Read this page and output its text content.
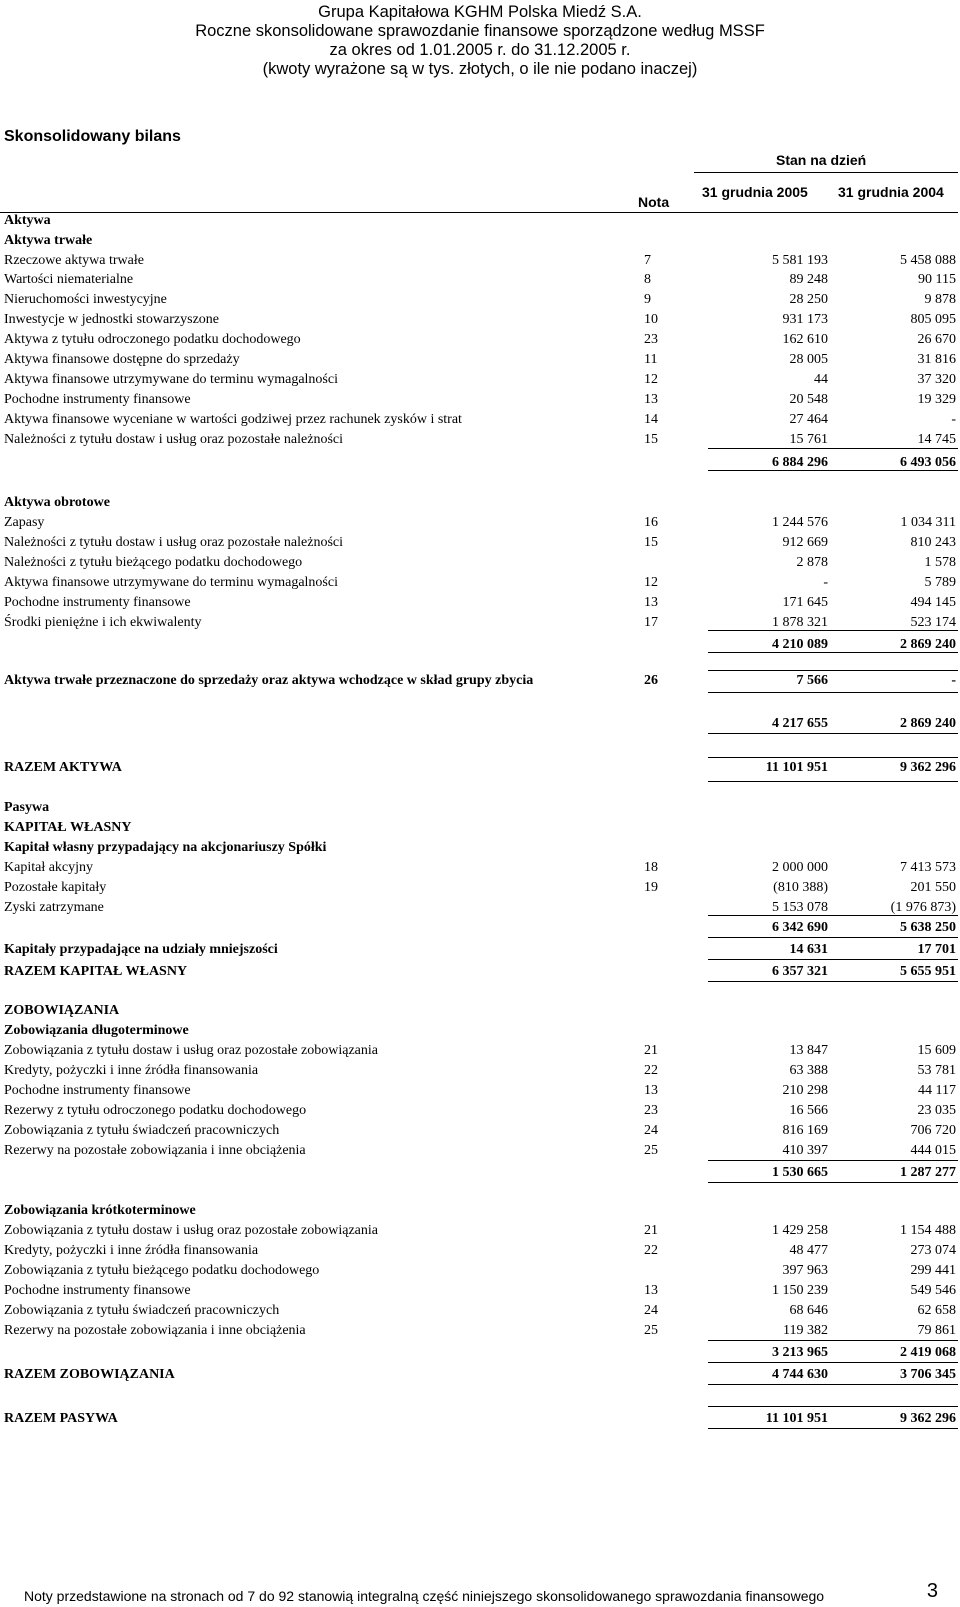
Grupa Kapitałowa KGHM Polska Miedź S.A.
Roczne skonsolidowane sprawozdanie finansowe sporządzone według MSSF
za okres od 1.01.2005 r. do 31.12.2005 r.
(kwoty wyrażone są w tys. złotych, o ile nie podano inaczej)
Skonsolidowany bilans
Stan na dzień
Nota
31 grudnia 2005 31 grudnia 2004
Aktywa
Aktywa trwałe
Rzeczowe aktywa trwałe	7	5 581 193	5 458 088
Wartości niematerialne	8	89 248	90 115
Nieruchomości inwestycyjne	9	28 250	9 878
Inwestycje w jednostki stowarzyszone	10	931 173	805 095
Aktywa z tytułu odroczonego podatku dochodowego	23	162 610	26 670
Aktywa finansowe dostępne do sprzedaży	11	28 005	31 816
Aktywa finansowe utrzymywane do terminu wymagalności	12	44	37 320
Pochodne instrumenty finansowe	13	20 548	19 329
Aktywa finansowe wyceniane w wartości godziwej przez rachunek zysków i strat	14	27 464	-
Należności z tytułu dostaw i usług oraz pozostałe należności	15	15 761	14 745
6 884 296	6 493 056
Aktywa obrotowe
Zapasy	16	1 244 576	1 034 311
Należności z tytułu dostaw i usług oraz pozostałe należności	15	912 669	810 243
Należności z tytułu bieżącego podatku dochodowego	2 878	1 578
Aktywa finansowe utrzymywane do terminu wymagalności	12	-	5 789
Pochodne instrumenty finansowe	13	171 645	494 145
Środki pieniężne i ich ekwiwalenty	17	1 878 321	523 174
4 210 089	2 869 240
Aktywa trwałe przeznaczone do sprzedaży oraz aktywa wchodzące w skład grupy zbycia	26	7 566	-
4 217 655	2 869 240
RAZEM AKTYWA	11 101 951	9 362 296
Pasywa
KAPITAŁ WŁASNY
Kapitał własny przypadający na akcjonariuszy Spółki
Kapitał akcyjny	18	2 000 000	7 413 573
Pozostałe kapitały	19	(810 388)	201 550
Zyski zatrzymane	5 153 078	(1 976 873)
6 342 690	5 638 250
Kapitały przypadające na udziały mniejszości	14 631	17 701
RAZEM KAPITAŁ WŁASNY	6 357 321	5 655 951
ZOBOWIĄZANIA
Zobowiązania długoterminowe
Zobowiązania z tytułu dostaw i usług oraz pozostałe zobowiązania	21	13 847	15 609
Kredyty, pożyczki i inne źródła finansowania	22	63 388	53 781
Pochodne instrumenty finansowe	13	210 298	44 117
Rezerwy z tytułu odroczonego podatku dochodowego	23	16 566	23 035
Zobowiązania z tytułu świadczeń pracowniczych	24	816 169	706 720
Rezerwy na pozostałe zobowiązania i inne obciążenia	25	410 397	444 015
1 530 665	1 287 277
Zobowiązania krótkoterminowe
Zobowiązania z tytułu dostaw i usług oraz pozostałe zobowiązania	21	1 429 258	1 154 488
Kredyty, pożyczki i inne źródła finansowania	22	48 477	273 074
Zobowiązania z tytułu bieżącego podatku dochodowego	397 963	299 441
Pochodne instrumenty finansowe	13	1 150 239	549 546
Zobowiązania z tytułu świadczeń pracowniczych	24	68 646	62 658
Rezerwy na pozostałe zobowiązania i inne obciążenia	25	119 382	79 861
3 213 965	2 419 068
RAZEM ZOBOWIĄZANIA	4 744 630	3 706 345
RAZEM PASYWA	11 101 951	9 362 296
Noty przedstawione na stronach od 7 do 92 stanowią integralną część niniejszego skonsolidowanego sprawozdania finansowego	3
